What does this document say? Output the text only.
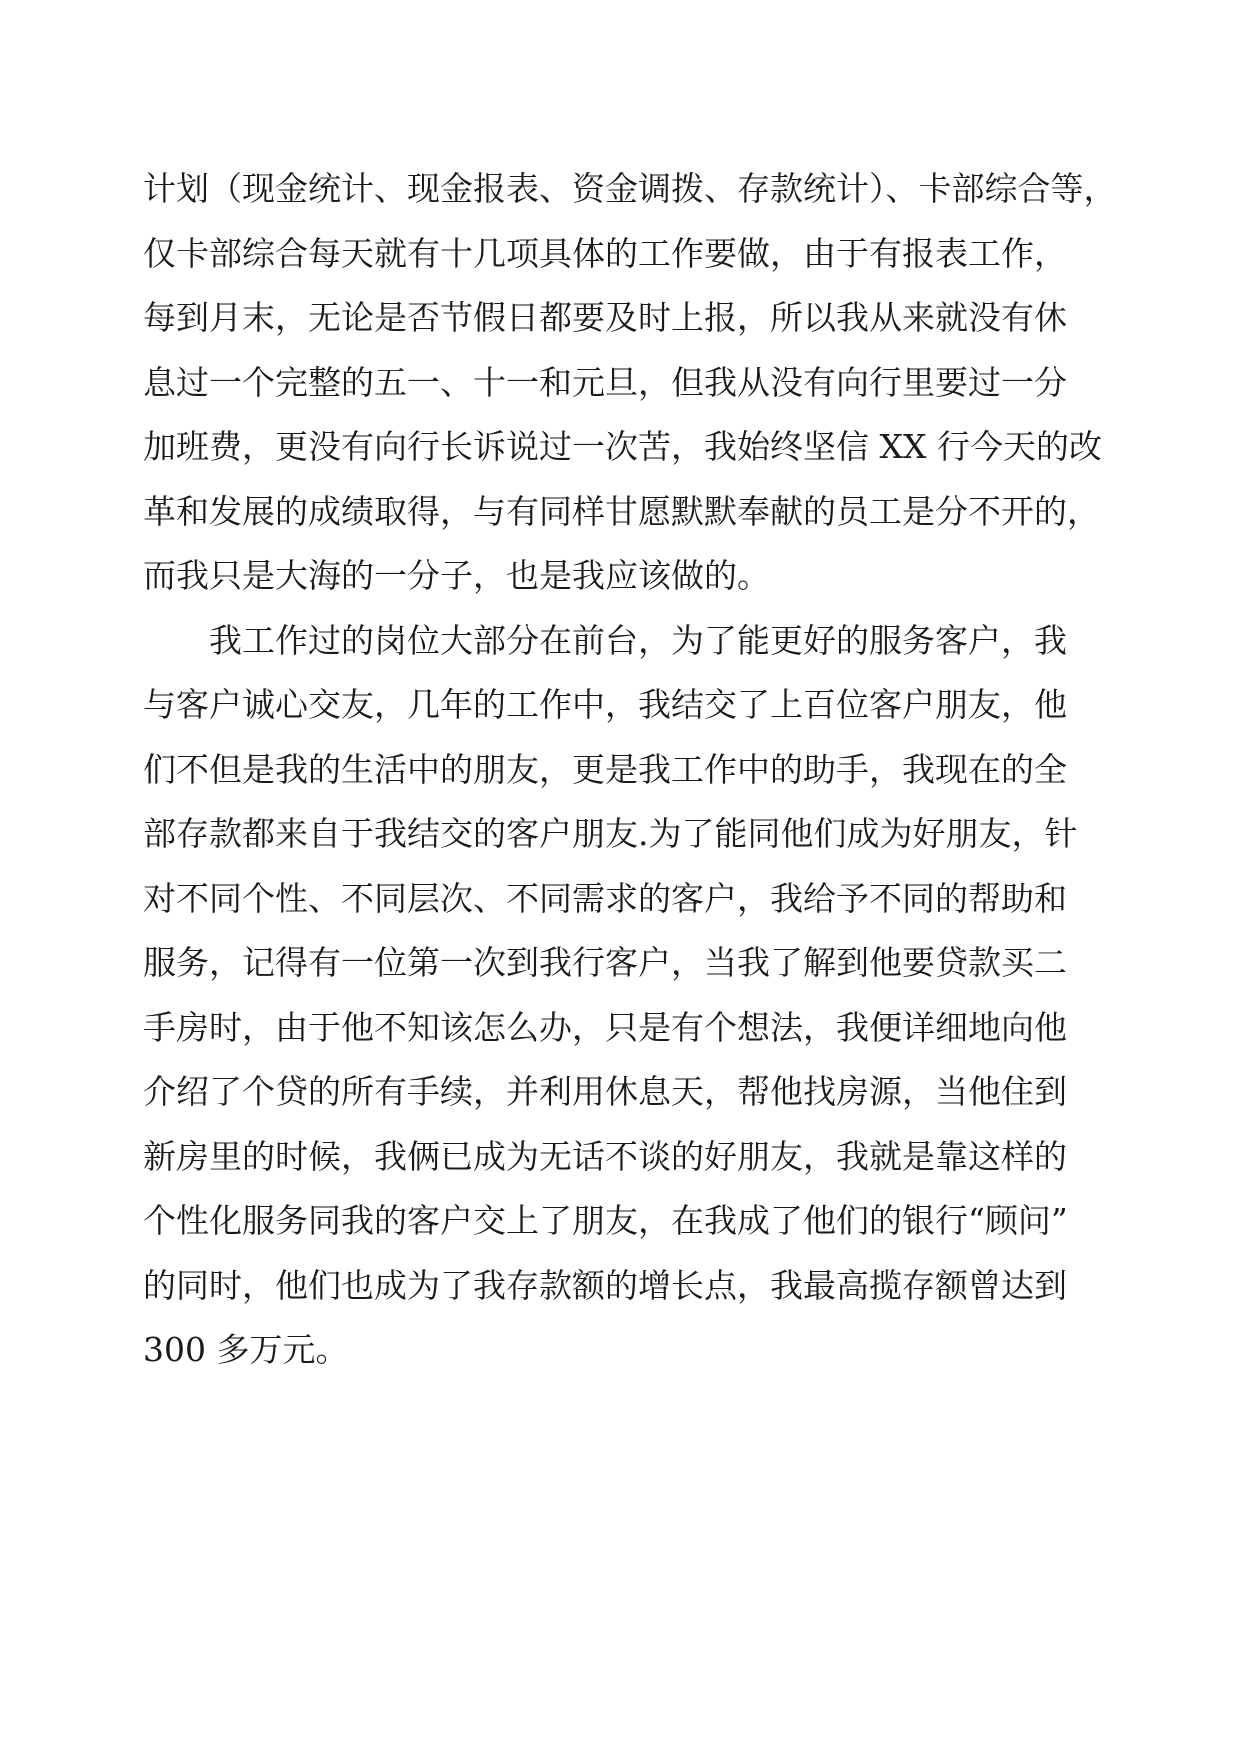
计划（现金统计、现金报表、资金调拨、存款统计）、卡部综合等，
仅卡部综合每天就有十几项具体的工作要做，由于有报表工作，
每到月末，无论是否节假日都要及时上报，所以我从来就没有休
息过一个完整的五一、十一和元旦，但我从没有向行里要过一分
加班费，更没有向行长诉说过一次苦，我始终坚信 XX 行今天的改
革和发展的成绩取得，与有同样甘愿默默奉献的员工是分不开的，
而我只是大海的一分子，也是我应该做的。
我工作过的岗位大部分在前台，为了能更好的服务客户，我
与客户诚心交友，几年的工作中，我结交了上百位客户朋友，他
们不但是我的生活中的朋友，更是我工作中的助手，我现在的全
部存款都来自于我结交的客户朋友.为了能同他们成为好朋友，针
对不同个性、不同层次、不同需求的客户，我给予不同的帮助和
服务，记得有一位第一次到我行客户，当我了解到他要贷款买二
手房时，由于他不知该怎么办，只是有个想法，我便详细地向他
介绍了个贷的所有手续，并利用休息天，帮他找房源，当他住到
新房里的时候，我俩已成为无话不谈的好朋友，我就是靠这样的
个性化服务同我的客户交上了朋友，在我成了他们的银行“顾问”
的同时，他们也成为了我存款额的增长点，我最高揽存额曾达到
300 多万元。
